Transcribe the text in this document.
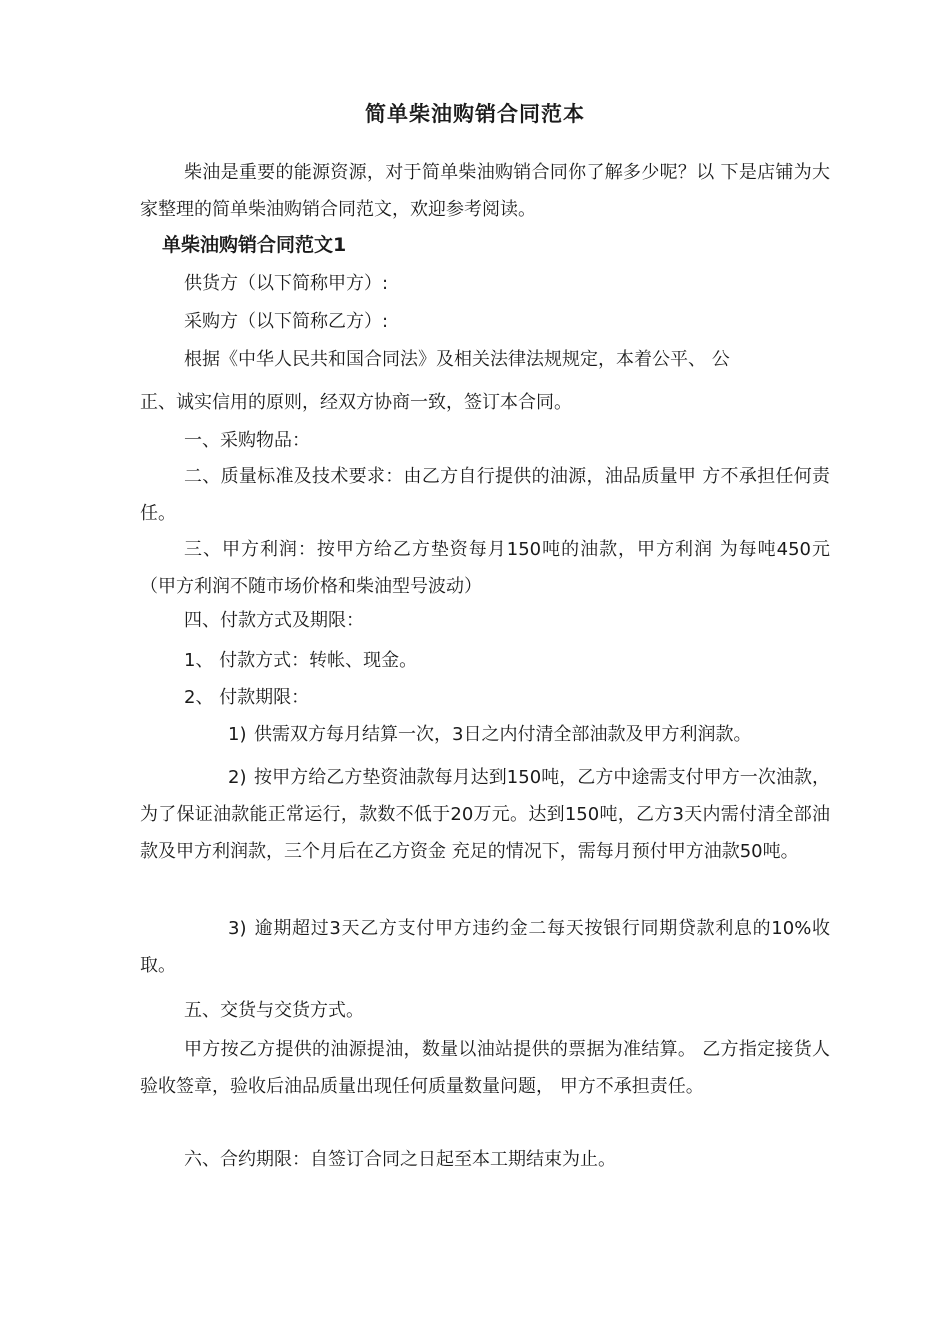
简单柴油购销合同范本

柴油是重要的能源资源，对于简单柴油购销合同你了解多少呢？以 下是店铺为大家整理的简单柴油购销合同范文，欢迎参考阅读。

单柴油购销合同范文1

供货方（以下简称甲方）:

采购方（以下简称乙方）:

根据《中华人民共和国合同法》及相关法律法规规定，本着公平、 公

正、诚实信用的原则，经双方协商一致，签订本合同。

一、采购物品：

二、质量标准及技术要求：由乙方自行提供的油源，油品质量甲 方不承担任何责任。

三、甲方利润：按甲方给乙方垫资每月150吨的油款，甲方利润 为每吨450元（甲方利润不随市场价格和柴油型号波动）

四、付款方式及期限：

1、 付款方式：转帐、现金。

2、 付款期限：

1) 供需双方每月结算一次，3日之内付清全部油款及甲方利润款。

2) 按甲方给乙方垫资油款每月达到150吨，乙方中途需支付甲方一次油款，为了保证油款能正常运行，款数不低于20万元。达到150吨，乙方3天内需付清全部油款及甲方利润款，三个月后在乙方资金 充足的情况下，需每月预付甲方油款50吨。

3) 逾期超过3天乙方支付甲方违约金二每天按银行同期贷款利息的10%收取。

五、交货与交货方式。

甲方按乙方提供的油源提油，数量以油站提供的票据为准结算。 乙方指定接货人验收签章，验收后油品质量出现任何质量数量问题， 甲方不承担责任。

六、合约期限：自签订合同之日起至本工期结束为止。
